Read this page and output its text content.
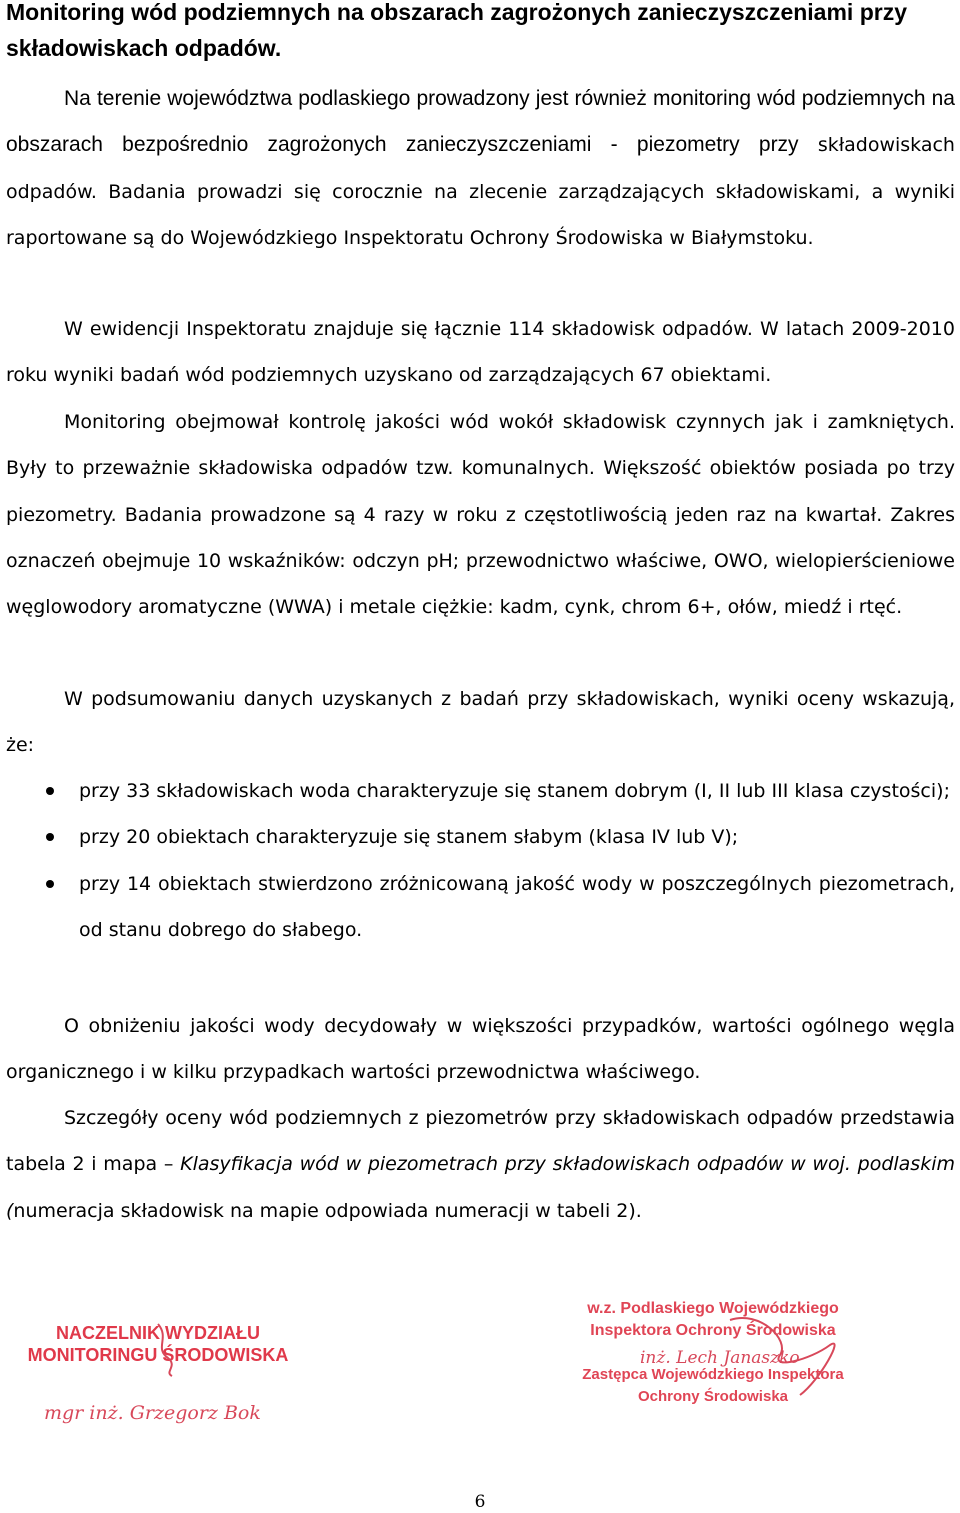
Monitoring wód podziemnych na obszarach zagrożonych zanieczyszczeniami przy składowiskach odpadów.

Na terenie województwa podlaskiego prowadzony jest również monitoring wód podziemnych na obszarach bezpośrednio zagrożonych zanieczyszczeniami - piezometry przy składowiskach odpadów. Badania prowadzi się corocznie na zlecenie zarządzających składowiskami, a wyniki raportowane są do Wojewódzkiego Inspektoratu Ochrony Środowiska w Białymstoku.

W ewidencji Inspektoratu znajduje się łącznie 114 składowisk odpadów. W latach 2009-2010 roku wyniki badań wód podziemnych uzyskano od zarządzających 67 obiektami.

Monitoring obejmował kontrolę jakości wód wokół składowisk czynnych jak i zamkniętych. Były to przeważnie składowiska odpadów tzw. komunalnych. Większość obiektów posiada po trzy piezometry. Badania prowadzone są 4 razy w roku z częstotliwością jeden raz na kwartał. Zakres oznaczeń obejmuje 10 wskaźników: odczyn pH; przewodnictwo właściwe, OWO, wielopierścieniowe węglowodory aromatyczne (WWA) i metale ciężkie: kadm, cynk, chrom 6+, ołów, miedź i rtęć.

W podsumowaniu danych uzyskanych z badań przy składowiskach, wyniki oceny wskazują, że:

przy 33 składowiskach woda charakteryzuje się stanem dobrym (I, II lub III klasa czystości);
przy 20 obiektach charakteryzuje się stanem słabym (klasa IV lub V);
przy 14 obiektach stwierdzono zróżnicowaną jakość wody w poszczególnych piezometrach, od stanu dobrego do słabego.

O obniżeniu jakości wody decydowały w większości przypadków, wartości ogólnego węgla organicznego i w kilku przypadkach wartości przewodnictwa właściwego.

Szczegóły oceny wód podziemnych z piezometrów przy składowiskach odpadów przedstawia tabela 2 i mapa – Klasyfikacja wód w piezometrach przy składowiskach odpadów w woj. podlaskim (numeracja składowisk na mapie odpowiada numeracji w tabeli 2).

NACZELNIK WYDZIAŁU
MONITORINGU ŚRODOWISKA
mgr inż. Grzegorz Bok
w.z. Podlaskiego Wojewódzkiego
Inspektora Ochrony Środowiska
Zastępca Wojewódzkiego Inspektora
Ochrony Środowiska
inż. Lech Janaszko
6
